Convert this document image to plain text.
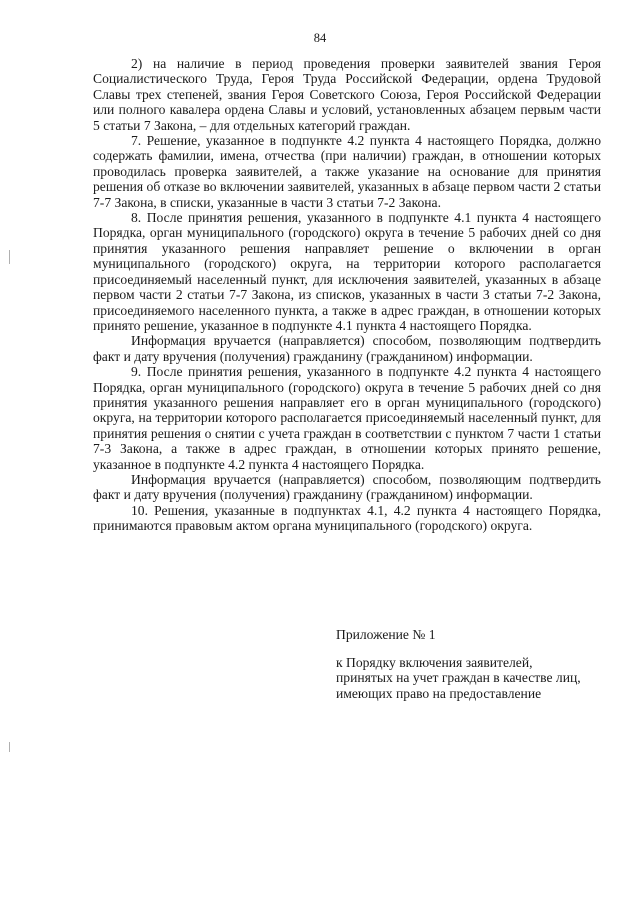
84

2) на наличие в период проведения проверки заявителей звания Героя Социалистического Труда, Героя Труда Российской Федерации, ордена Трудовой Славы трех степеней, звания Героя Советского Союза, Героя Российской Федерации или полного кавалера ордена Славы и условий, установленных абзацем первым части 5 статьи 7 Закона, – для отдельных категорий граждан.

7. Решение, указанное в подпункте 4.2 пункта 4 настоящего Порядка, должно содержать фамилии, имена, отчества (при наличии) граждан, в отношении которых проводилась проверка заявителей, а также указание на основание для принятия решения об отказе во включении заявителей, указанных в абзаце первом части 2 статьи 7-7 Закона, в списки, указанные в части 3 статьи 7-2 Закона.

8. После принятия решения, указанного в подпункте 4.1 пункта 4 настоящего Порядка, орган муниципального (городского) округа в течение 5 рабочих дней со дня принятия указанного решения направляет решение о включении в орган муниципального (городского) округа, на территории которого располагается присоединяемый населенный пункт, для исключения заявителей, указанных в абзаце первом части 2 статьи 7-7 Закона, из списков, указанных в части 3 статьи 7-2 Закона, присоединяемого населенного пункта, а также в адрес граждан, в отношении которых принято решение, указанное в подпункте 4.1 пункта 4 настоящего Порядка.

Информация вручается (направляется) способом, позволяющим подтвердить факт и дату вручения (получения) гражданину (гражданином) информации.

9. После принятия решения, указанного в подпункте 4.2 пункта 4 настоящего Порядка, орган муниципального (городского) округа в течение 5 рабочих дней со дня принятия указанного решения направляет его в орган муниципального (городского) округа, на территории которого располагается присоединяемый населенный пункт, для принятия решения о снятии с учета граждан в соответствии с пунктом 7 части 1 статьи 7-3 Закона, а также в адрес граждан, в отношении которых принято решение, указанное в подпункте 4.2 пункта 4 настоящего Порядка.

Информация вручается (направляется) способом, позволяющим подтвердить факт и дату вручения (получения) гражданину (гражданином) информации.

10. Решения, указанные в подпунктах 4.1, 4.2 пункта 4 настоящего Порядка, принимаются правовым актом органа муниципального (городского) округа.

Приложение № 1

к Порядку включения заявителей,
принятых на учет граждан в качестве лиц,
имеющих право на предоставление
